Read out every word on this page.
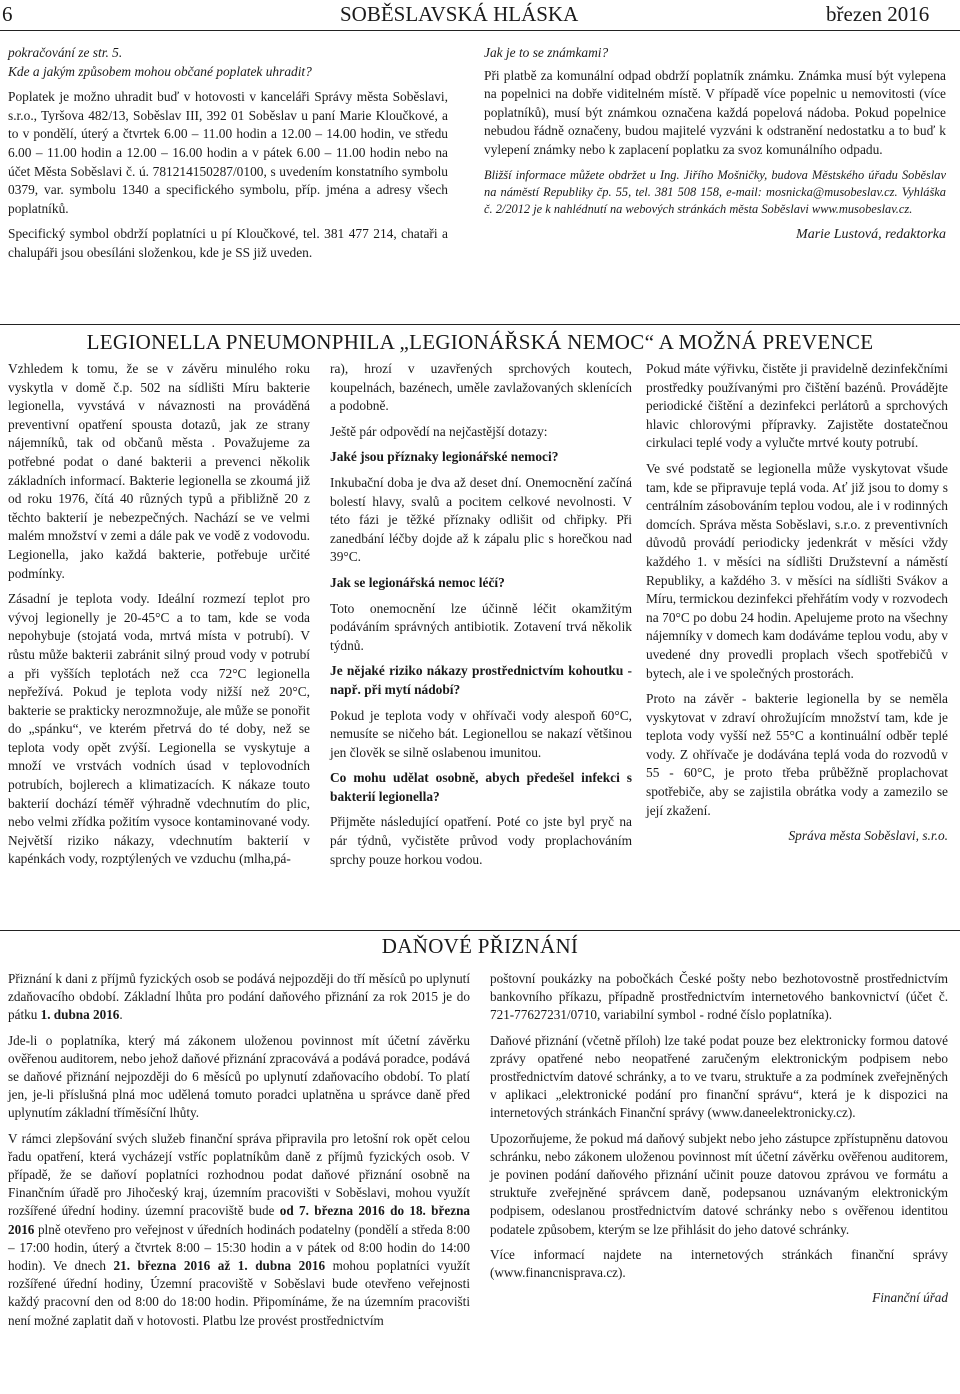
6	SOBĚSLAVSKÁ HLÁSKA	březen 2016

pokračování ze str. 5.

Kde a jakým způsobem mohou občané poplatek uhradit?

Poplatek je možno uhradit buď v hotovosti v kanceláři Správy města Soběslavi, s.r.o., Tyršova 482/13, Soběslav III, 392 01 Soběslav u paní Marie Kloučkové, a to v pondělí, úterý a čtvrtek 6.00 – 11.00 hodin a 12.00 – 14.00 hodin, ve středu 6.00 – 11.00 hodin a 12.00 – 16.00 hodin a v pátek 6.00 – 11.00 hodin nebo na účet Města Soběslavi č. ú. 781214150287/0100, s uvedením konstatního symbolu 0379, var. symbolu 1340 a specifického symbolu, příp. jména a adresy všech poplatníků.

Specifický symbol obdrží poplatníci u pí Kloučkové, tel. 381 477 214, chataři a chalupáři jsou obesíláni složenkou, kde je SS již uveden.

Jak je to se známkami?

Při platbě za komunální odpad obdrží poplatník známku. Známka musí být vylepena na popelnici na dobře viditelném místě. V případě více popelnic u nemovitosti (více poplatníků), musí být známkou označena každá popelová nádoba. Pokud popelnice nebudou řádně označeny, budou majitelé vyzváni k odstranění nedostatku a to buď k vylepení známky nebo k zaplacení poplatku za svoz komunálního odpadu.

Bližší informace můžete obdržet u Ing. Jiřího Mošničky, budova Městského úřadu Soběslav na náměstí Republiky čp. 55, tel. 381 508 158, e-mail: mosnicka@musobeslav.cz. Vyhláška č. 2/2012 je k nahlédnutí na webových stránkách města Soběslavi www.musobeslav.cz.

Marie Lustová, redaktorka

LEGIONELLA PNEUMONPHILA „LEGIONÁŘSKÁ NEMOC“ A MOŽNÁ PREVENCE

Vzhledem k tomu, že se v závěru minulého roku vyskytla v domě č.p. 502 na sídlišti Míru bakterie legionella, vyvstává v návaznosti na prováděná preventivní opatření spousta dotazů, jak ze strany nájemníků, tak od občanů města . Považujeme za potřebné podat o dané bakterii a prevenci několik základních informací. Bakterie legionella se zkoumá již od roku 1976, čítá 40 různých typů a přibližně 20 z těchto bakterií je nebezpečných. Nachází se ve velmi malém množství v zemi a dále pak ve vodě z vodovodu. Legionella, jako každá bakterie, potřebuje určité podmínky.

Zásadní je teplota vody. Ideální rozmezí teplot pro vývoj legionelly je 20-45°C a to tam, kde se voda nepohybuje (stojatá voda, mrtvá místa v potrubí). V růstu může bakterii zabránit silný proud vody v potrubí a při vyšších teplotách než cca 72°C legionella nepřežívá. Pokud je teplota vody nižší než 20°C, bakterie se prakticky nerozmnožuje, ale může se ponořit do „spánku“, ve kterém přetrvá do té doby, než se teplota vody opět zvýší. Legionella se vyskytuje a množí ve vrstvách vodních úsad v teplovodních potrubích, bojlerech a klimatizacích. K nákaze touto bakterií dochází téměř výhradně vdechnutím do plic, nebo velmi zřídka požitím vysoce kontaminované vody. Největší riziko nákazy, vdechnutím bakterií v kapénkách vody, rozptýlených ve vzduchu (mlha,pá-

ra), hrozí v uzavřených sprchových koutech, koupelnách, bazénech, uměle zavlažovaných sklenících a podobně.

Ještě pár odpovědí na nejčastější dotazy:

Jaké jsou příznaky legionářské nemoci?

Inkubační doba je dva až deset dní. Onemocnění začíná bolestí hlavy, svalů a pocitem celkové nevolnosti. V této fázi je těžké příznaky odlišit od chřipky. Při zanedbání léčby dojde až k zápalu plic s horečkou nad 39°C.

Jak se legionářská nemoc léčí?

Toto onemocnění lze účinně léčit okamžitým podáváním správných antibiotik. Zotavení trvá několik týdnů.

Je nějaké riziko nákazy prostřednictvím kohoutku - např. při mytí nádobí?

Pokud je teplota vody v ohřívači vody alespoň 60°C, nemusíte se ničeho bát. Legionellou se nakazí většinou jen člověk se silně oslabenou imunitou.

Co mohu udělat osobně, abych předešel infekci s bakterií legionella?

Přijměte následující opatření. Poté co jste byl pryč na pár týdnů, vyčistěte průvod vody proplachováním sprchy pouze horkou vodou.

Pokud máte výřivku, čistěte ji pravidelně dezinfekčními prostředky používanými pro čištění bazénů. Provádějte periodické čištění a dezinfekci perlátorů a sprchových hlavic chlorovými přípravky. Zajistěte dostatečnou cirkulaci teplé vody a vylučte mrtvé kouty potrubí.

Ve své podstatě se legionella může vyskytovat všude tam, kde se připravuje teplá voda. Ať již jsou to domy s centrálním zásobováním teplou vodou, ale i v rodinných domcích. Správa města Soběslavi, s.r.o. z preventivních důvodů provádí periodicky jedenkrát v měsíci vždy každého 1. v měsíci na sídlišti Družstevní a náměstí Republiky, a každého 3. v měsíci na sídlišti Svákov a Míru, termickou dezinfekci přehřátím vody v rozvodech na 70°C po dobu 24 hodin. Apelujeme proto na všechny nájemníky v domech kam dodáváme teplou vodu, aby v uvedené dny provedli proplach všech spotřebičů v bytech, ale i ve společných prostorách.

Proto na závěr - bakterie legionella by se neměla vyskytovat v zdraví ohrožujícím množství tam, kde je teplota vody vyšší než 55°C a kontinuální odběr teplé vody. Z ohřívače je dodávána teplá voda do rozvodů v 55 - 60°C, je proto třeba průběžně proplachovat spotřebiče, aby se zajistila obrátka vody a zamezilo se její zkažení.

Správa města Soběslavi, s.r.o.

DAŇOVÉ PŘIZNÁNÍ

Přiznání k dani z příjmů fyzických osob se podává nejpozději do tří měsíců po uplynutí zdaňovacího období. Základní lhůta pro podání daňového přiznání za rok 2015 je do pátku 1. dubna 2016.

Jde-li o poplatníka, který má zákonem uloženou povinnost mít účetní závěrku ověřenou auditorem, nebo jehož daňové přiznání zpracovává a podává poradce, podává se daňové přiznání nejpozději do 6 měsíců po uplynutí zdaňovacího období. To platí jen, je-li příslušná plná moc udělená tomuto poradci uplatněna u správce daně před uplynutím základní tříměsíční lhůty.

V rámci zlepšování svých služeb finanční správa připravila pro letošní rok opět celou řadu opatření, která vycházejí vstříc poplatníkům daně z příjmů fyzických osob. V případě, že se daňoví poplatníci rozhodnou podat daňové přiznání osobně na Finančním úřadě pro Jihočeský kraj, územním pracovišti v Soběslavi, mohou využít rozšířené úřední hodiny. územní pracoviště bude od 7. března 2016 do 18. března 2016 plně otevřeno pro veřejnost v úředních hodinách podatelny (pondělí a středa 8:00 – 17:00 hodin, úterý a čtvrtek 8:00 – 15:30 hodin a v pátek od 8:00 hodin do 14:00 hodin). Ve dnech 21. března 2016 až 1. dubna 2016 mohou poplatníci využít rozšířené úřední hodiny, Územní pracoviště v Soběslavi bude otevřeno veřejnosti každý pracovní den od 8:00 do 18:00 hodin. Připomínáme, že na územním pracovišti není možné zaplatit daň v hotovosti. Platbu lze provést prostřednictvím

poštovní poukázky na pobočkách České pošty nebo bezhotovostně prostřednictvím bankovního příkazu, případně prostřednictvím internetového bankovnictví (účet č. 721-77627231/0710, variabilní symbol - rodné číslo poplatníka).

Daňové přiznání (včetně příloh) lze také podat pouze bez elektronicky formou datové zprávy opatřené nebo neopatřené zaručeným elektronickým podpisem nebo prostřednictvím datové schránky, a to ve tvaru, struktuře a za podmínek zveřejněných v aplikaci „elektronické podání pro finanční správu“, která je k dispozici na internetových stránkách Finanční správy (www.daneelektronicky.cz).

Upozorňujeme, že pokud má daňový subjekt nebo jeho zástupce zpřístupněnu datovou schránku, nebo zákonem uloženou povinnost mít účetní závěrku ověřenou auditorem, je povinen podání daňového přiznání učinit pouze datovou zprávou ve formátu a struktuře zveřejněné správcem daně, podepsanou uznávaným elektronickým podpisem, odeslanou prostřednictvím datové schránky nebo s ověřenou identitou podatele způsobem, kterým se lze přihlásit do jeho datové schránky.

Více informací najdete na internetových stránkách finanční správy (www.financnisprava.cz).

Finanční úřad
